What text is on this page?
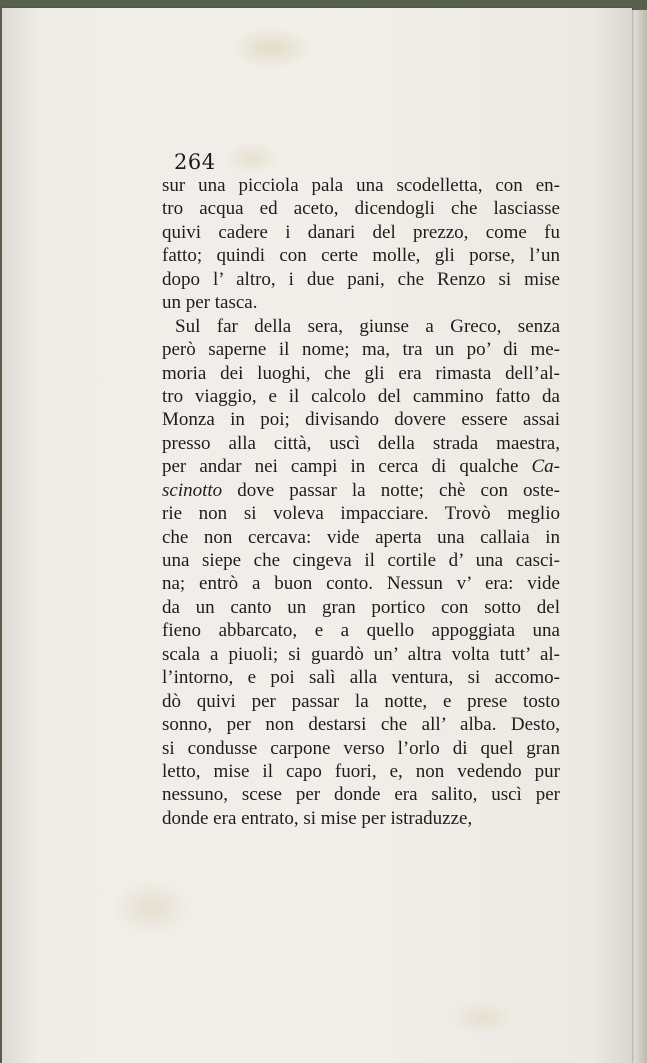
264
sur una picciola pala una scodelletta, con en-
tro acqua ed aceto, dicendogli che lasciasse
quivi cadere i danari del prezzo, come fu
fatto; quindi con certe molle, gli porse, l’un
dopo l’ altro, i due pani, che Renzo si mise
un per tasca.
Sul far della sera, giunse a Greco, senza
però saperne il nome; ma, tra un po’ di me-
moria dei luoghi, che gli era rimasta dell’al-
tro viaggio, e il calcolo del cammino fatto da
Monza in poi; divisando dovere essere assai
presso alla città, uscì della strada maestra,
per andar nei campi in cerca di qualche Ca-
scinotto dove passar la notte; chè con oste-
rie non si voleva impacciare. Trovò meglio
che non cercava: vide aperta una callaia in
una siepe che cingeva il cortile d’ una casci-
na; entrò a buon conto. Nessun v’ era: vide
da un canto un gran portico con sotto del
fieno abbarcato, e a quello appoggiata una
scala a piuoli; si guardò un’ altra volta tutt’ al-
l’intorno, e poi salì alla ventura, si accomo-
dò quivi per passar la notte, e prese tosto
sonno, per non destarsi che all’ alba. Desto,
si condusse carpone verso l’orlo di quel gran
letto, mise il capo fuori, e, non vedendo pur
nessuno, scese per donde era salito, uscì per
donde era entrato, si mise per istraduzze,
